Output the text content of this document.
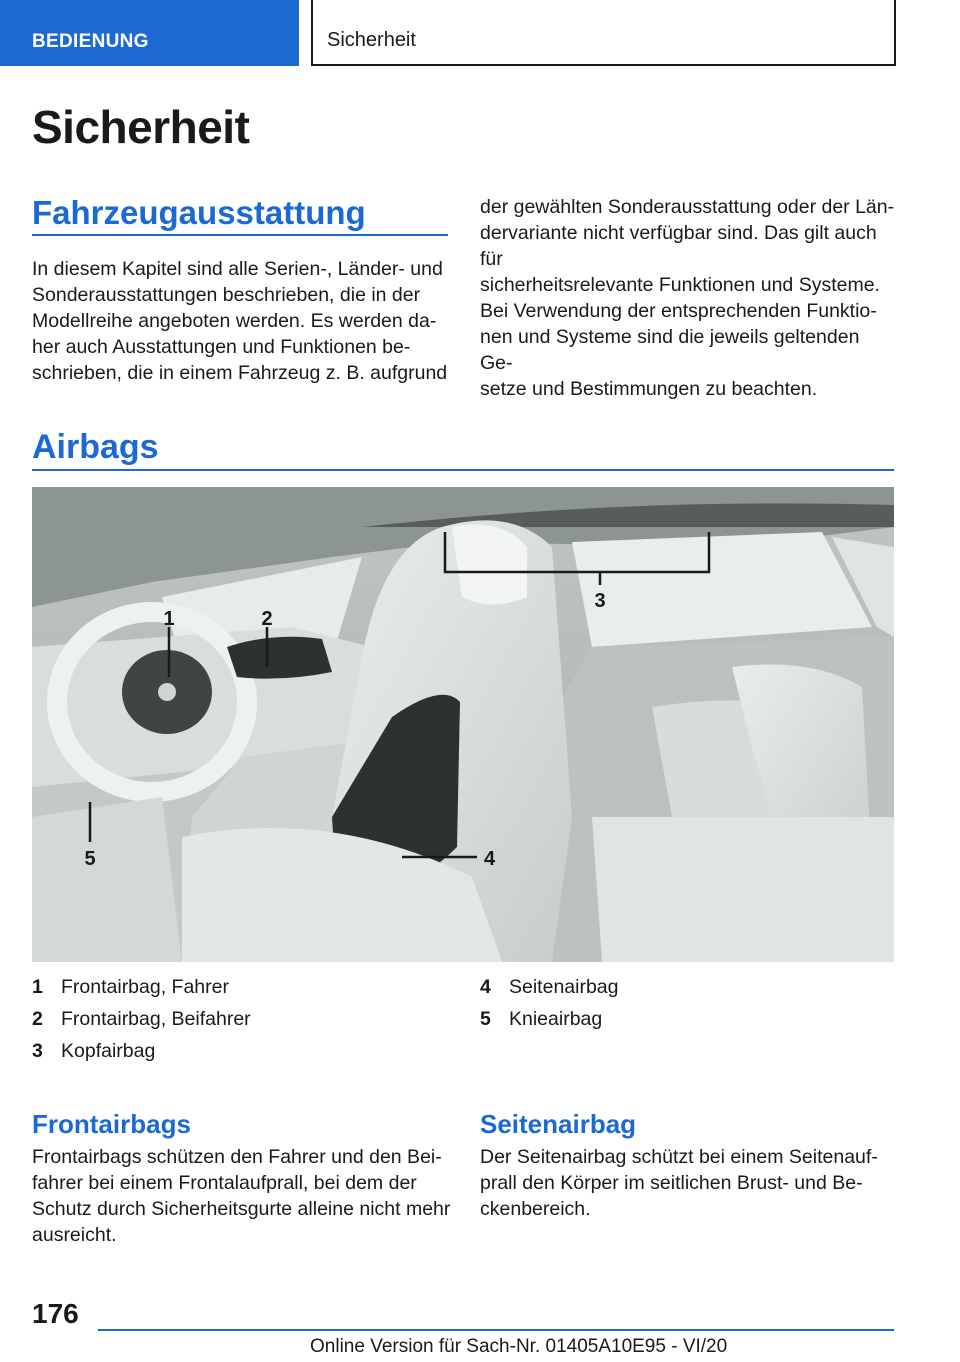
BEDIENUNG	Sicherheit
Sicherheit
Fahrzeugausstattung
In diesem Kapitel sind alle Serien-, Länder- und
Sonderausstattungen beschrieben, die in der
Modellreihe angeboten werden. Es werden da-
her auch Ausstattungen und Funktionen be-
schrieben, die in einem Fahrzeug z. B. aufgrund
der gewählten Sonderausstattung oder der Län-
dervariante nicht verfügbar sind. Das gilt auch für
sicherheitsrelevante Funktionen und Systeme.
Bei Verwendung der entsprechenden Funktio-
nen und Systeme sind die jeweils geltenden Ge-
setze und Bestimmungen zu beachten.
Airbags
1	2
3
4
5
1 Frontairbag, Fahrer
2 Frontairbag, Beifahrer
3 Kopfairbag
4 Seitenairbag
5 Knieairbag
Frontairbags
Frontairbags schützen den Fahrer und den Bei-
fahrer bei einem Frontalaufprall, bei dem der
Schutz durch Sicherheitsgurte alleine nicht mehr
ausreicht.
Seitenairbag
Der Seitenairbag schützt bei einem Seitenauf-
prall den Körper im seitlichen Brust- und Be-
ckenbereich.
176
Online Version für Sach-Nr. 01405A10E95 - VI/20
